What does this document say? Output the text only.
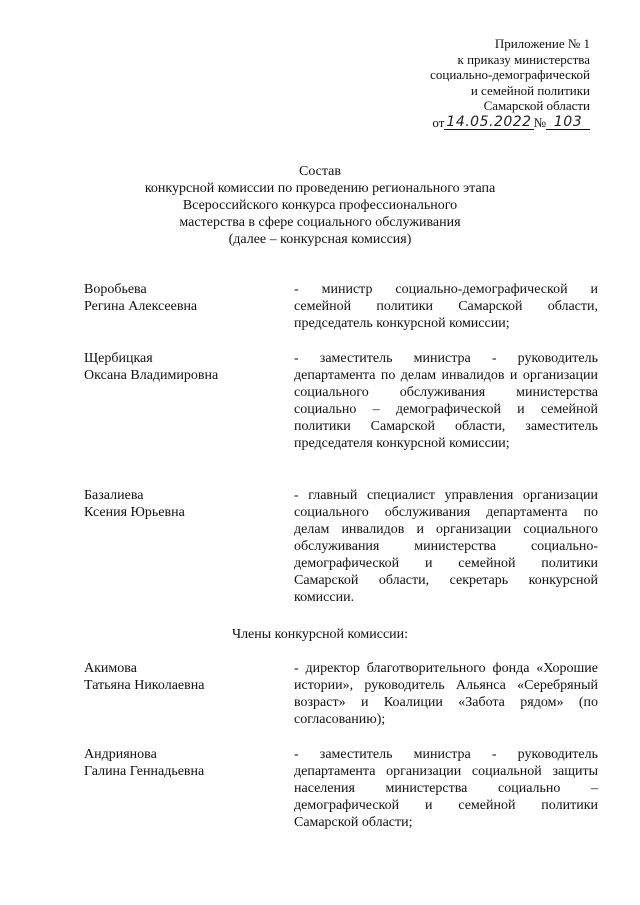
Приложение № 1
к приказу министерства
социально-демографической
и семейной политики
Самарской области
от 14.05.2022 № 103
Состав
конкурсной комиссии по проведению регионального этапа
Всероссийского конкурса профессионального
мастерства в сфере социального обслуживания
(далее – конкурсная комиссия)
Воробьева
Регина Алексеевна
- министр социально-демографической и семейной политики Самарской области, председатель конкурсной комиссии;
Щербицкая
Оксана Владимировна
- заместитель министра - руководитель департамента по делам инвалидов и организации социального обслуживания министерства социально – демографической и семейной политики Самарской области, заместитель председателя конкурсной комиссии;
Базалиева
Ксения Юрьевна
- главный специалист управления организации социального обслуживания департамента по делам инвалидов и организации социального обслуживания министерства социально-демографической и семейной политики Самарской области, секретарь конкурсной комиссии.
Члены конкурсной комиссии:
Акимова
Татьяна Николаевна
- директор благотворительного фонда «Хорошие истории», руководитель Альянса «Серебряный возраст» и Коалиции «Забота рядом» (по согласованию);
Андриянова
Галина Геннадьевна
- заместитель министра - руководитель департамента организации социальной защиты населения министерства социально – демографической и семейной политики Самарской области;
